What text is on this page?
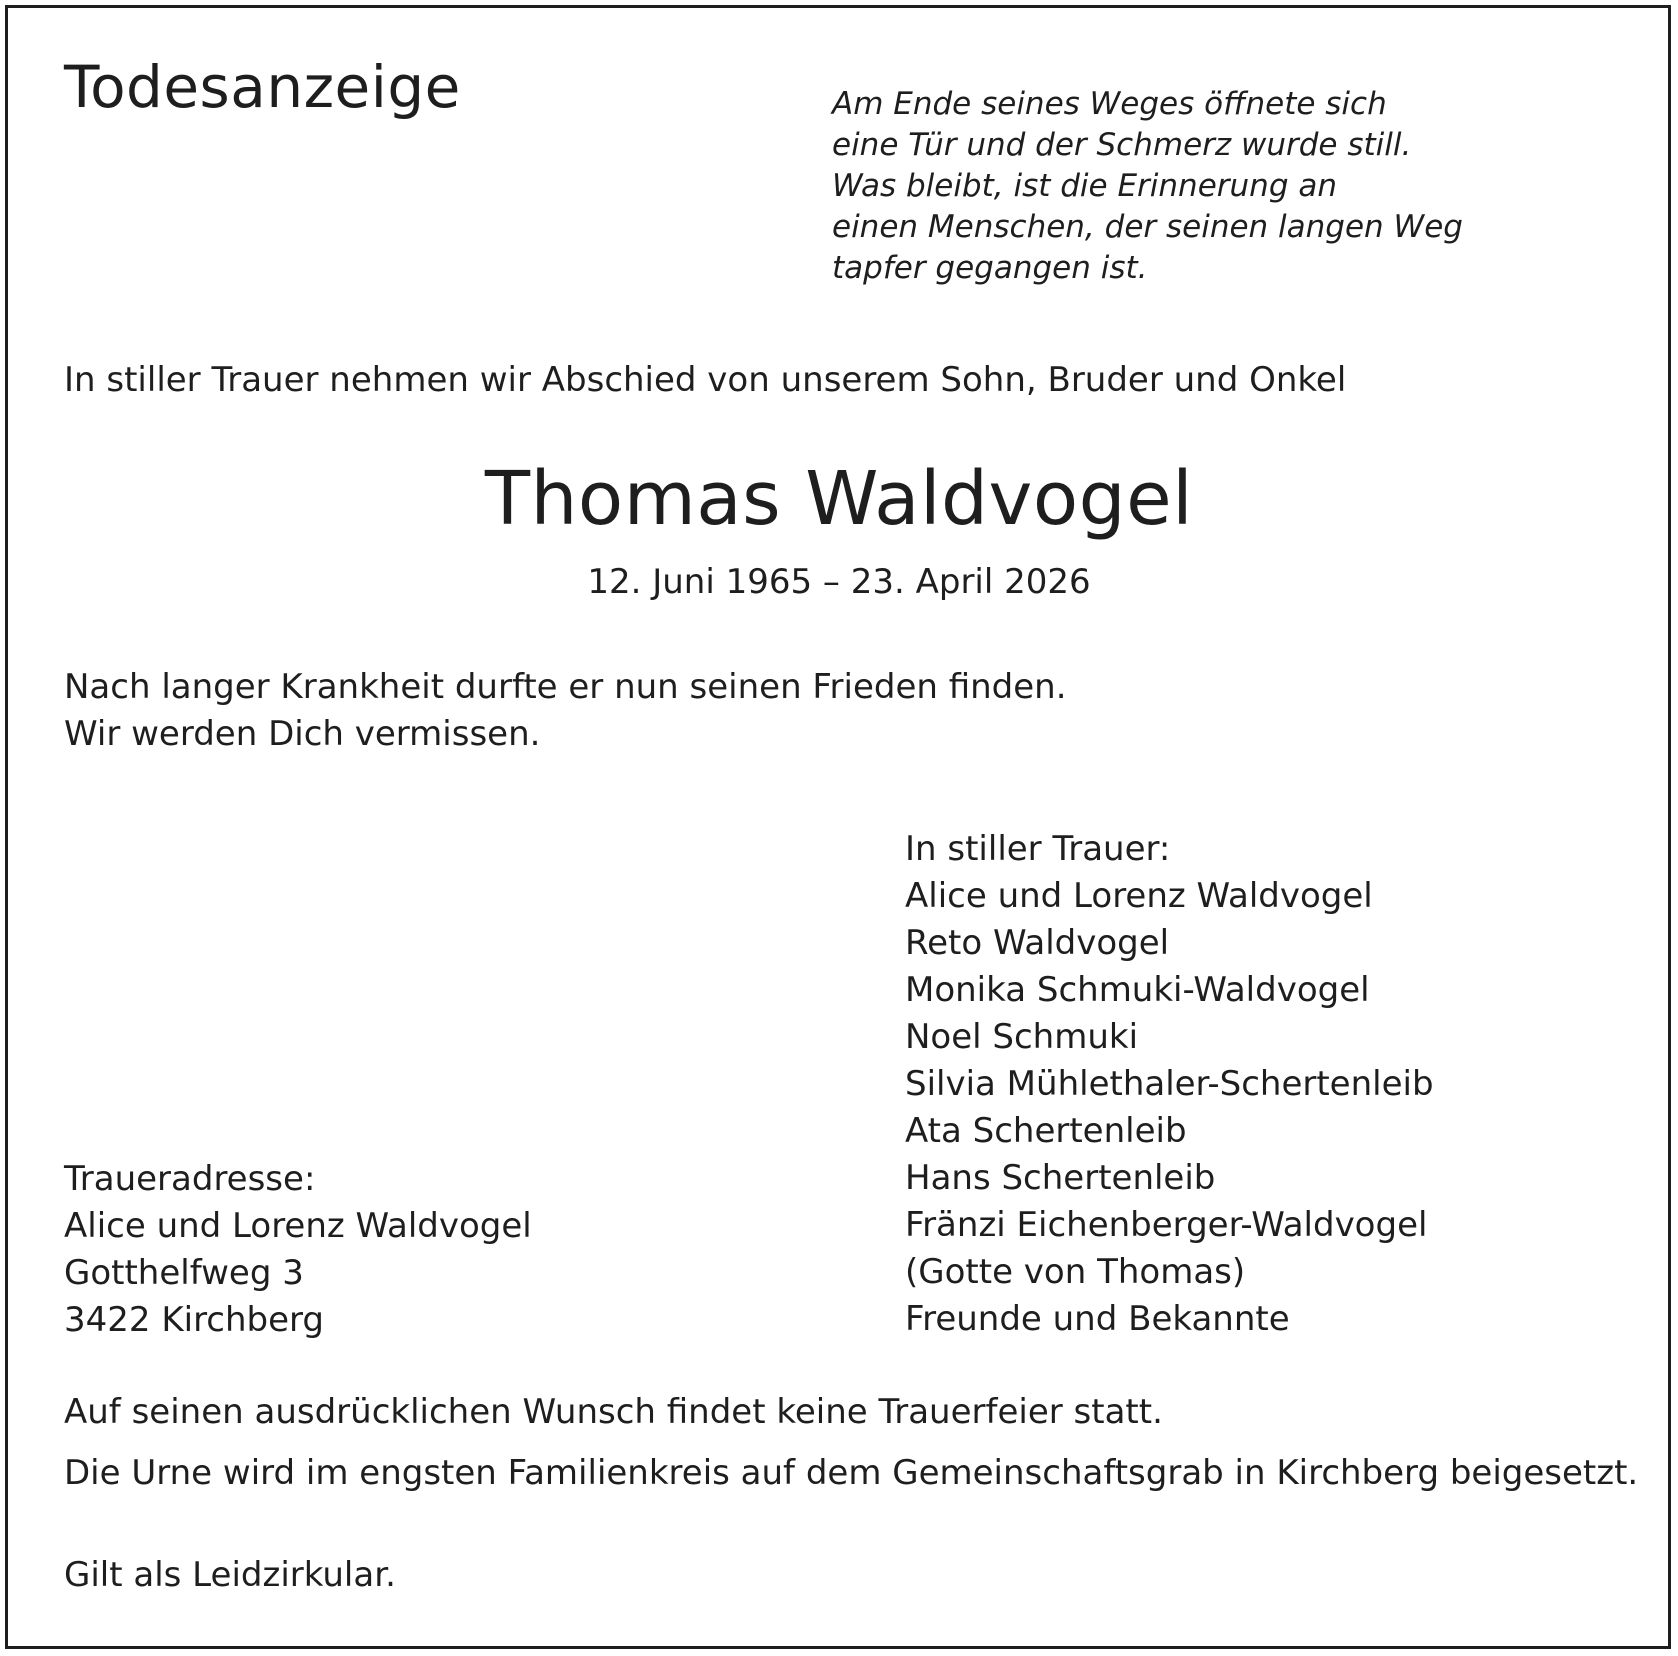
Todesanzeige	Am Ende seines Weges öffnete sich
eine Tür und der Schmerz wurde still.
Was bleibt, ist die Erinnerung an
einen Menschen, der seinen langen Weg
tapfer gegangen ist.
In stiller Trauer nehmen wir Abschied von unserem Sohn, Bruder und Onkel
Thomas Waldvogel
12. Juni 1965 – 23. April 2026
Nach langer Krankheit durfte er nun seinen Frieden finden.
Wir werden Dich vermissen.
In stiller Trauer:
Alice und Lorenz Waldvogel
Reto Waldvogel
Monika Schmuki-Waldvogel
Noel Schmuki
Silvia Mühlethaler-Schertenleib
Ata Schertenleib
Hans Schertenleib
Fränzi Eichenberger-Waldvogel
(Gotte von Thomas)
Freunde und Bekannte
Traueradresse:
Alice und Lorenz Waldvogel
Gotthelfweg 3
3422 Kirchberg
Auf seinen ausdrücklichen Wunsch findet keine Trauerfeier statt.
Die Urne wird im engsten Familienkreis auf dem Gemeinschaftsgrab in Kirchberg beigesetzt.
Gilt als Leidzirkular.
